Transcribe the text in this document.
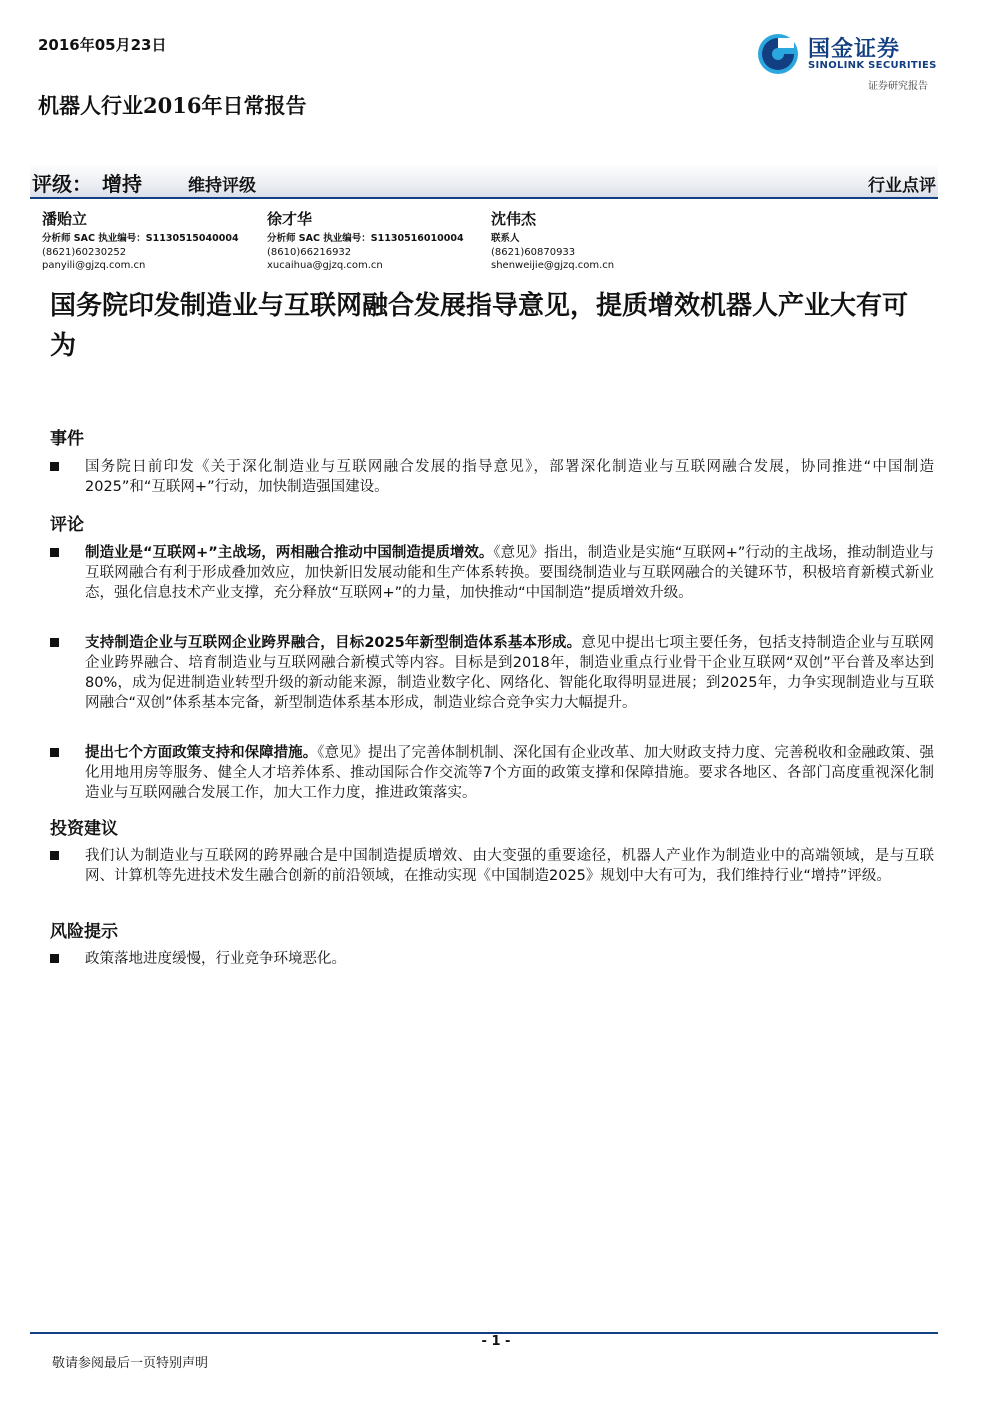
2016年05月23日	国金证券
SINOLINK SECURITIES
证券研究报告
机器人行业2016年日常报告
评级： 增持	维持评级	行业点评
潘贻立
分析师 SAC 执业编号：S1130515040004
(8621)60230252
panyili@gjzq.com.cn
徐才华
分析师 SAC 执业编号：S1130516010004
(8610)66216932
xucaihua@gjzq.com.cn
沈伟杰
联系人
(8621)60870933
shenweijie@gjzq.com.cn
国务院印发制造业与互联网融合发展指导意见，提质增效机器人产业大有可为
事件
国务院日前印发《关于深化制造业与互联网融合发展的指导意见》，部署深化制造业与互联网融合发展，协同推进“中国制造2025”和“互联网+”行动，加快制造强国建设。
评论
制造业是“互联网+”主战场，两相融合推动中国制造提质增效。《意见》指出，制造业是实施“互联网+”行动的主战场，推动制造业与互联网融合有利于形成叠加效应，加快新旧发展动能和生产体系转换。要围绕制造业与互联网融合的关键环节，积极培育新模式新业态，强化信息技术产业支撑，充分释放“互联网+”的力量，加快推动“中国制造”提质增效升级。
支持制造企业与互联网企业跨界融合，目标2025年新型制造体系基本形成。意见中提出七项主要任务，包括支持制造企业与互联网企业跨界融合、培育制造业与互联网融合新模式等内容。目标是到2018年，制造业重点行业骨干企业互联网“双创”平台普及率达到80%，成为促进制造业转型升级的新动能来源，制造业数字化、网络化、智能化取得明显进展；到2025年，力争实现制造业与互联网融合“双创”体系基本完备，新型制造体系基本形成，制造业综合竞争实力大幅提升。
提出七个方面政策支持和保障措施。《意见》提出了完善体制机制、深化国有企业改革、加大财政支持力度、完善税收和金融政策、强化用地用房等服务、健全人才培养体系、推动国际合作交流等7个方面的政策支撑和保障措施。要求各地区、各部门高度重视深化制造业与互联网融合发展工作，加大工作力度，推进政策落实。
投资建议
我们认为制造业与互联网的跨界融合是中国制造提质增效、由大变强的重要途径，机器人产业作为制造业中的高端领域，是与互联网、计算机等先进技术发生融合创新的前沿领域，在推动实现《中国制造2025》规划中大有可为，我们维持行业“增持”评级。
风险提示
政策落地进度缓慢，行业竞争环境恶化。
- 1 -
敬请参阅最后一页特别声明
